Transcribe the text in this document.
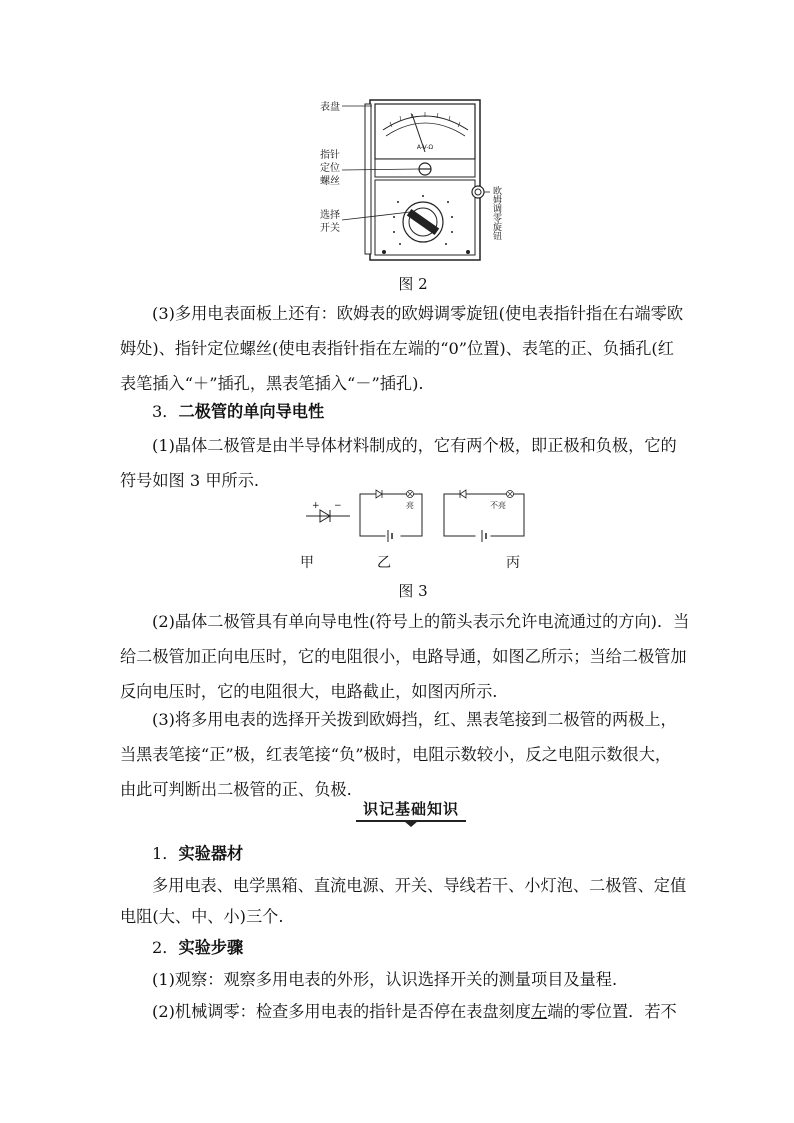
A-V-Ω
表盘
指针
定位
螺丝
选择
开关	欧姆调零旋钮
图 2
(3)多用电表面板上还有：欧姆表的欧姆调零旋钮(使电表指针指在右端零欧
姆处)、指针定位螺丝(使电表指针指在左端的“0”位置)、表笔的正、负插孔(红
表笔插入“＋”插孔，黑表笔插入“－”插孔).
3．二极管的单向导电性
(1)晶体二极管是由半导体材料制成的，它有两个极，即正极和负极，它的
符号如图 3 甲所示.
+ −	亮	不亮
甲	乙	丙
图 3
(2)晶体二极管具有单向导电性(符号上的箭头表示允许电流通过的方向)．当
给二极管加正向电压时，它的电阻很小，电路导通，如图乙所示；当给二极管加
反向电压时，它的电阻很大，电路截止，如图丙所示.
(3)将多用电表的选择开关拨到欧姆挡，红、黑表笔接到二极管的两极上，
当黑表笔接“正”极，红表笔接“负”极时，电阻示数较小，反之电阻示数很大，
由此可判断出二极管的正、负极.
识记基础知识
1．实验器材
多用电表、电学黑箱、直流电源、开关、导线若干、小灯泡、二极管、定值
电阻(大、中、小)三个.
2．实验步骤
(1)观察：观察多用电表的外形，认识选择开关的测量项目及量程.
(2)机械调零：检查多用电表的指针是否停在表盘刻度左端的零位置．若不
